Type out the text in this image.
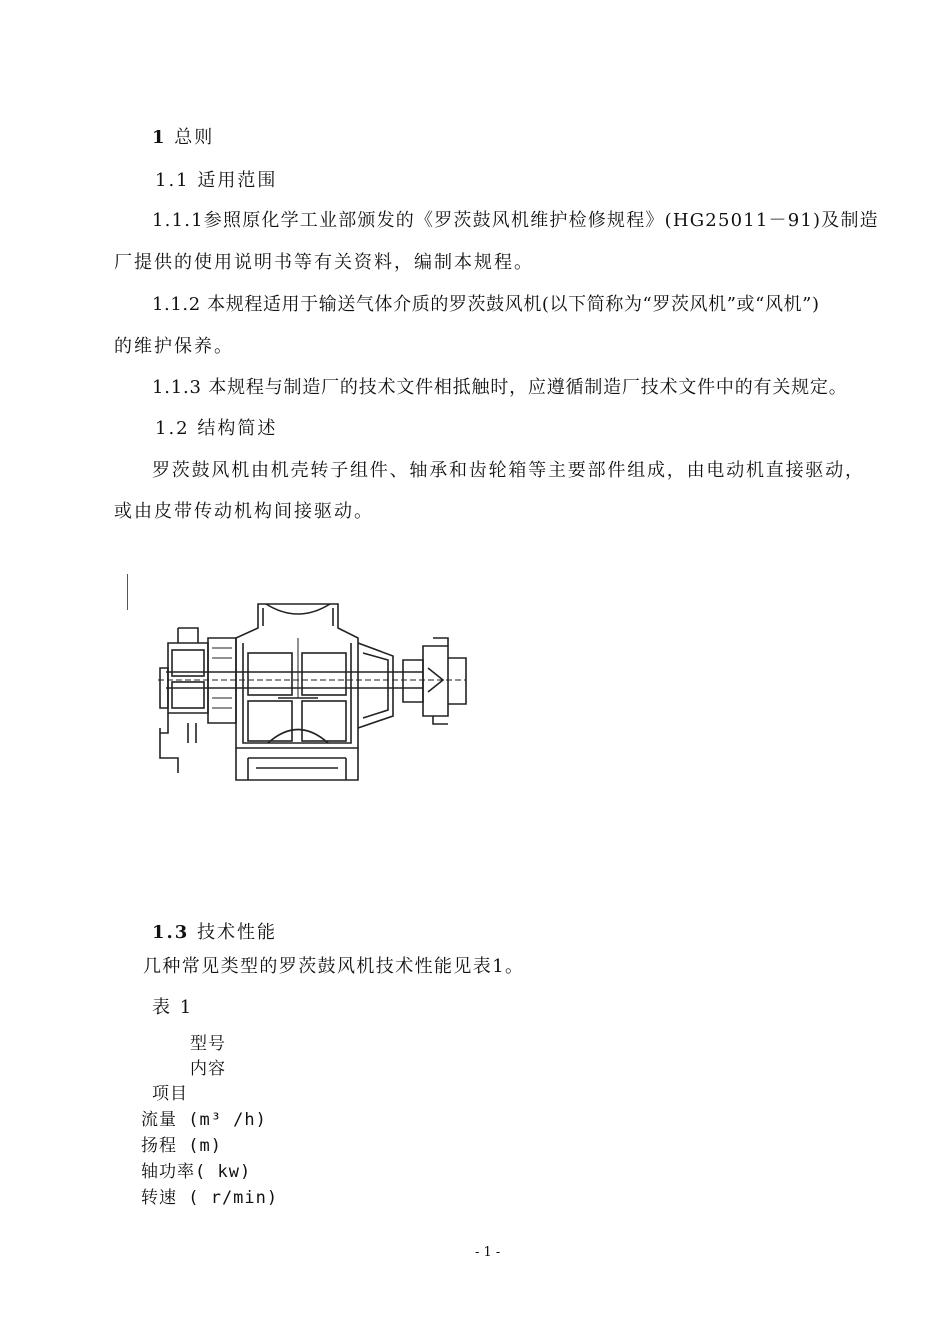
1 总则
1.1 适用范围
1.1.1参照原化学工业部颁发的《罗茨鼓风机维护检修规程》(HG25011－91)及制造
厂提供的使用说明书等有关资料，编制本规程。
1.1.2 本规程适用于输送气体介质的罗茨鼓风机(以下简称为“罗茨风机”或“风机”)
的维护保养。
1.1.3 本规程与制造厂的技术文件相抵触时，应遵循制造厂技术文件中的有关规定。
1.2 结构简述
罗茨鼓风机由机壳转子组件、轴承和齿轮箱等主要部件组成，由电动机直接驱动，
或由皮带传动机构间接驱动。
1.3 技术性能
几种常见类型的罗茨鼓风机技术性能见表1。
表 1
型号
内容
项目
流量 (m³ /h)
扬程 (m)
轴功率( kw)
转速 ( r/min)
- 1 -
